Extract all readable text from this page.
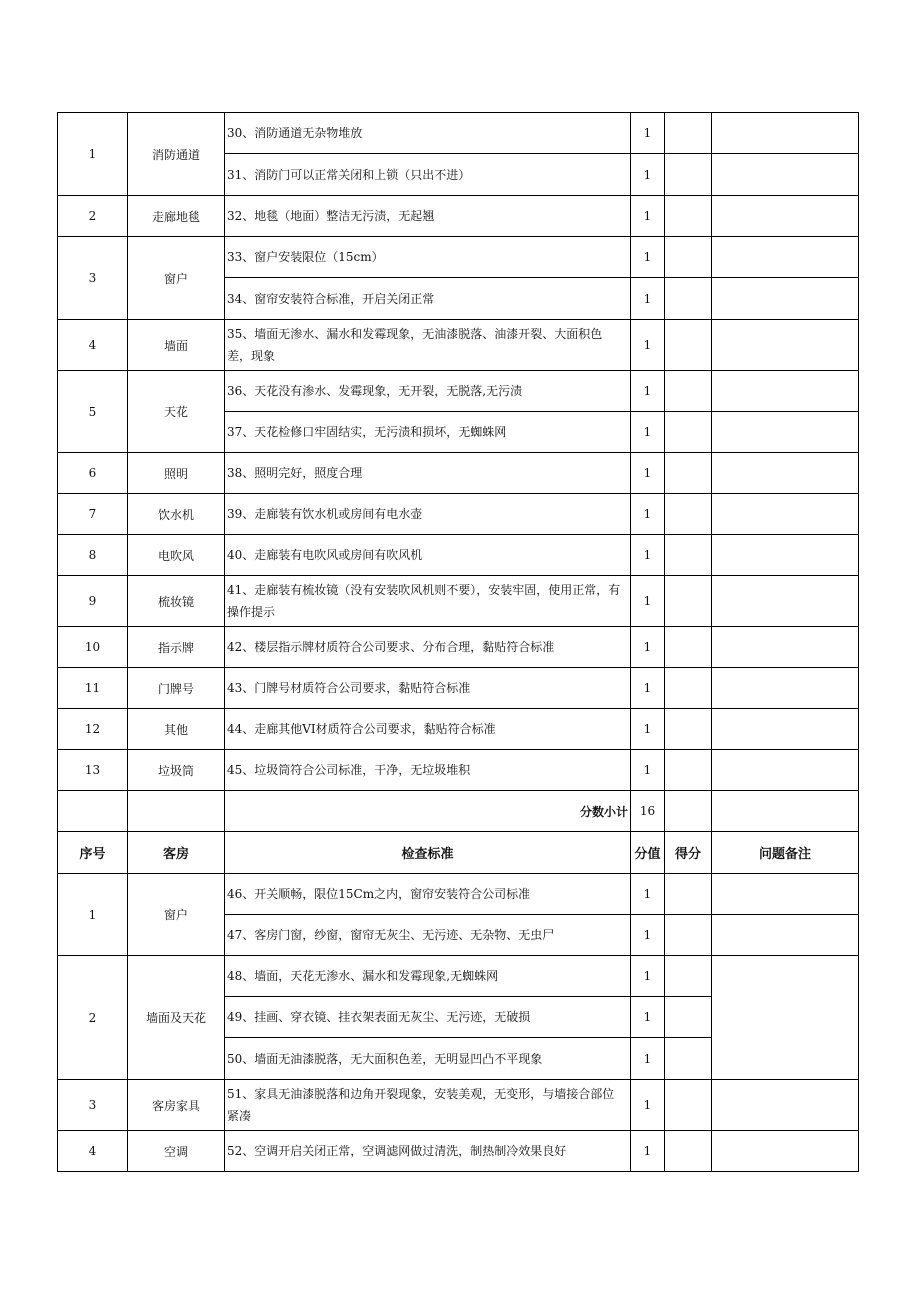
1	消防通道	30、消防通道无杂物堆放	1		
		31、消防门可以正常关闭和上锁（只出不进）	1		
2	走廊地毯	32、地毯（地面）整洁无污渍，无起翘	1		
3	窗户	33、窗户安装限位（15cm）	1		
		34、窗帘安装符合标准，开启关闭正常	1		
4	墙面	35、墙面无渗水、漏水和发霉现象，无油漆脱落、油漆开裂、大面积色差，现象	1		
5	天花	36、天花没有渗水、发霉现象，无开裂，无脱落,无污渍	1		
		37、天花检修口牢固结实，无污渍和损坏，无蜘蛛网	1		
6	照明	38、照明完好，照度合理	1		
7	饮水机	39、走廊装有饮水机或房间有电水壶	1		
8	电吹风	40、走廊装有电吹风或房间有吹风机	1		
9	梳妆镜	41、走廊装有梳妆镜（没有安装吹风机则不要），安装牢固，使用正常，有操作提示	1		
10	指示牌	42、楼层指示牌材质符合公司要求、分布合理，黏贴符合标准	1		
11	门牌号	43、门牌号材质符合公司要求，黏贴符合标准	1		
12	其他	44、走廊其他VI材质符合公司要求，黏贴符合标准	1		
13	垃圾筒	45、垃圾筒符合公司标准，干净，无垃圾堆积	1		
		分数小计	16		
序号	客房	检查标准	分值	得分	问题备注
1	窗户	46、开关顺畅，限位15Cm之内，窗帘安装符合公司标准	1		
		47、客房门窗，纱窗，窗帘无灰尘、无污迹、无杂物、无虫尸	1		
2	墙面及天花	48、墙面，天花无渗水、漏水和发霉现象,无蜘蛛网	1		
		49、挂画、穿衣镜、挂衣架表面无灰尘、无污迹，无破损	1		
		50、墙面无油漆脱落，无大面积色差，无明显凹凸不平现象	1		
3	客房家具	51、家具无油漆脱落和边角开裂现象，安装美观，无变形，与墙接合部位紧凑	1		
4	空调	52、空调开启关闭正常，空调滤网做过清洗，制热制冷效果良好	1		
